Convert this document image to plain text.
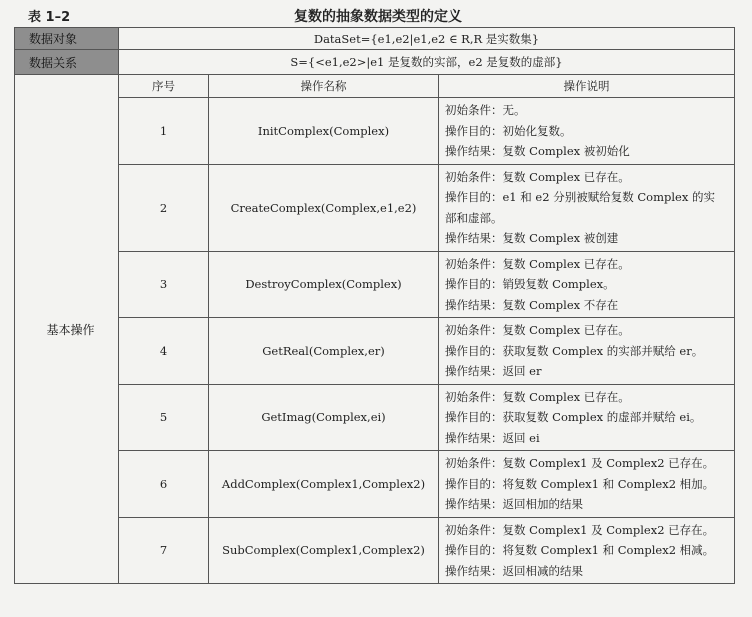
表 1–2	复数的抽象数据类型的定义
数据对象	DataSet={e1,e2|e1,e2 ∈ R,R 是实数集}		
数据关系	S={<e1,e2>|e1 是复数的实部，e2 是复数的虚部}		
基本操作	序号	操作名称	操作说明
	1	InitComplex(Complex)	初始条件：无。
操作目的：初始化复数。
操作结果：复数 Complex 被初始化

	2	CreateComplex(Complex,e1,e2)	初始条件：复数 Complex 已存在。
操作目的：e1 和 e2 分别被赋给复数 Complex 的实
部和虚部。
操作结果：复数 Complex 被创建

	3	DestroyComplex(Complex)	初始条件：复数 Complex 已存在。
操作目的：销毁复数 Complex。
操作结果：复数 Complex 不存在

	4	GetReal(Complex,er)	初始条件：复数 Complex 已存在。
操作目的：获取复数 Complex 的实部并赋给 er。
操作结果：返回 er

	5	GetImag(Complex,ei)	初始条件：复数 Complex 已存在。
操作目的：获取复数 Complex 的虚部并赋给 ei。
操作结果：返回 ei

	6	AddComplex(Complex1,Complex2)	初始条件：复数 Complex1 及 Complex2 已存在。
操作目的：将复数 Complex1 和 Complex2 相加。
操作结果：返回相加的结果

	7	SubComplex(Complex1,Complex2)	初始条件：复数 Complex1 及 Complex2 已存在。
操作目的：将复数 Complex1 和 Complex2 相减。
操作结果：返回相减的结果
